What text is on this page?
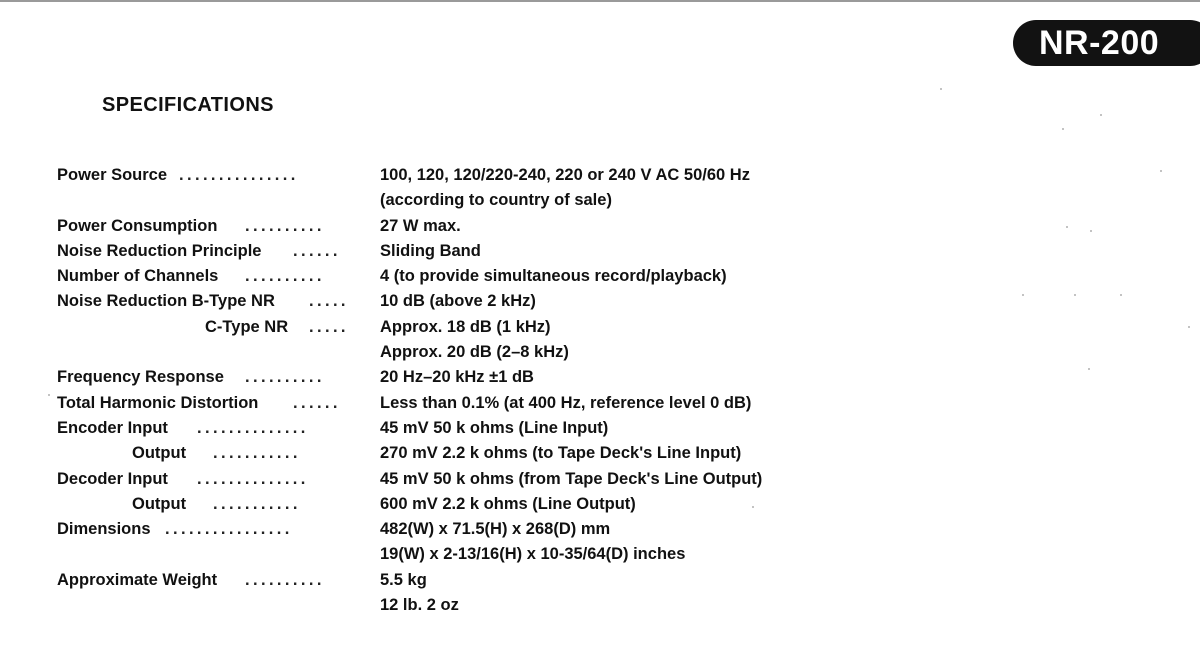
NR-200
SPECIFICATIONS
Power Source ...............	100, 120, 120/220-240, 220 or 240 V AC 50/60 Hz
(according to country of sale)
Power Consumption ..........	27 W max.
Noise Reduction Principle ...... Sliding Band
Number of Channels ..........	4 (to provide simultaneous record/playback)
Noise Reduction B-Type NR ..... 10 dB (above 2 kHz)
C-Type NR ..... Approx. 18 dB (1 kHz)
Approx. 20 dB (2–8 kHz)
Frequency Response ..........	20 Hz–20 kHz ±1 dB
Total Harmonic Distortion ...... Less than 0.1% (at 400 Hz, reference level 0 dB)
Encoder Input ..............	45 mV 50 k ohms (Line Input)
Output ...........	270 mV 2.2 k ohms (to Tape Deck's Line Input)
Decoder Input ..............	45 mV 50 k ohms (from Tape Deck's Line Output)
Output ...........	600 mV 2.2 k ohms (Line Output)
Dimensions ................	482(W) x 71.5(H) x 268(D) mm
19(W) x 2-13/16(H) x 10-35/64(D) inches
Approximate Weight ..........	5.5 kg
12 lb. 2 oz
